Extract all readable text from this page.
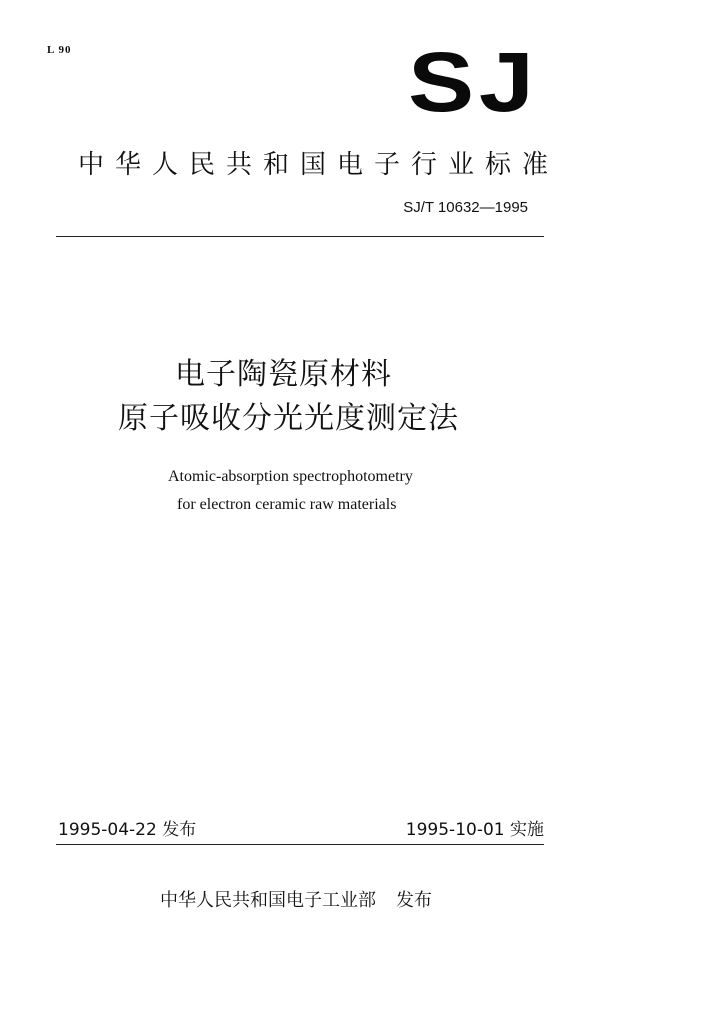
L 90	SJ
中华人民共和国电子行业标准
SJ/T 10632—1995
电子陶瓷原材料
原子吸收分光光度测定法
Atomic-absorption spectrophotometry
for electron ceramic raw materials
1995-04-22 发布	1995-10-01 实施
中华人民共和国电子工业部 发布
